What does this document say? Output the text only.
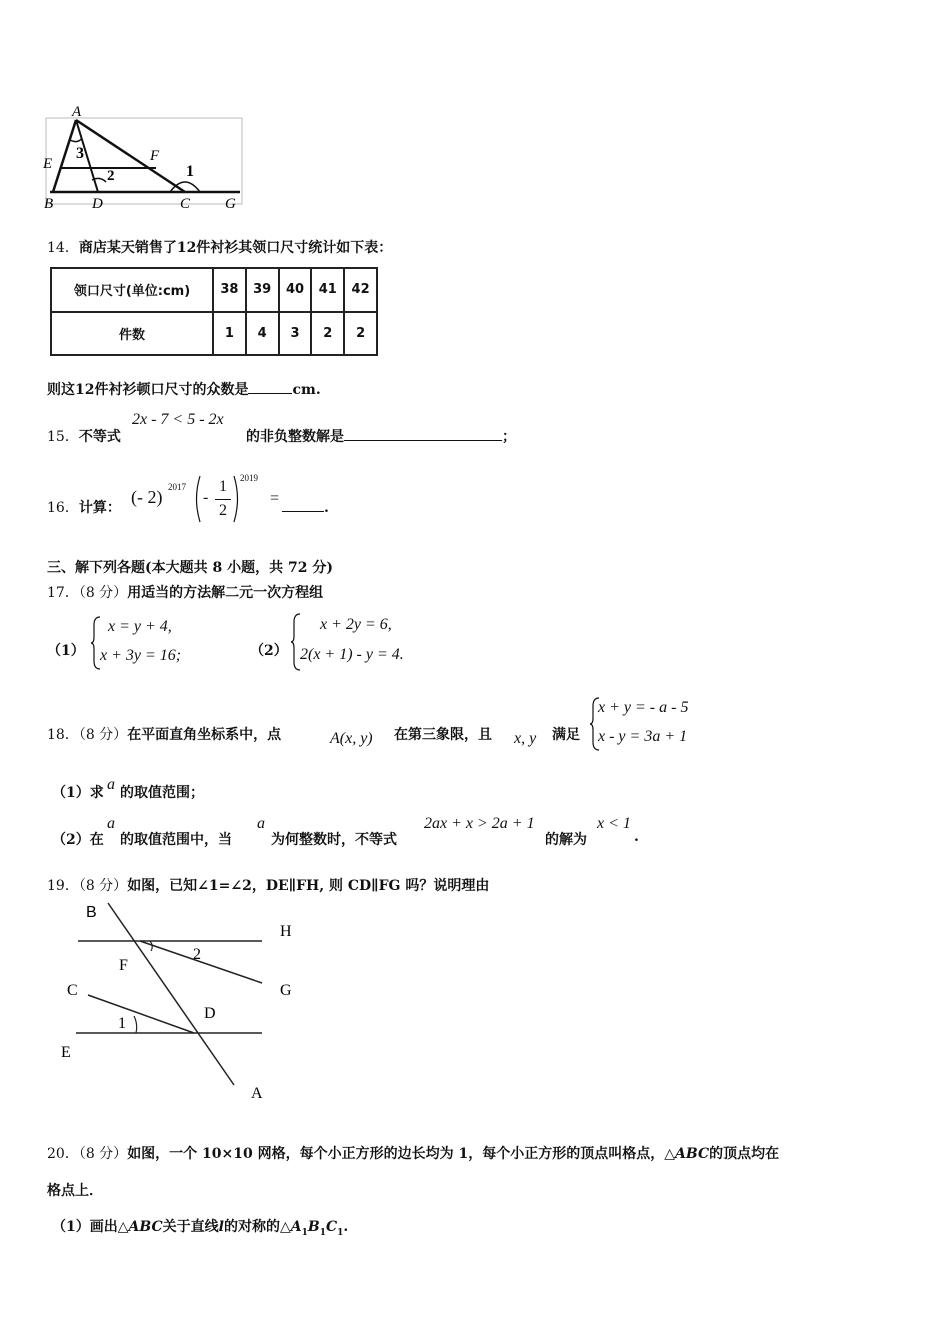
A
E	F
B	D	C G
3
2	1
14．商店某天销售了12件衬衫其领口尺寸统计如下表：
领口尺寸(单位:cm)	38	39	40	41	42
件数	1	4	3	2	2
则这12件衬衫顿口尺寸的众数是	cm.
15．不等式
2x - 7 < 5 - 2x
的非负整数解是	；
16．计算：
(- 2) 2017
-
1
2
2019
=
.
三、解下列各题(本大题共 8 小题，共 72 分)
17．（8 分）用适当的方法解二元一次方程组
（1）
x = y + 4,
x + 3y = 16;	（2）
x + 2y = 6,
2(x + 1) - y = 4.
18．（8 分）在平面直角坐标系中，点	A(x, y) 在第三象限，且 x, y 满足
x + y = - a - 5
x - y = 3a + 1
（1）求 a 的取值范围；
（2）在
a
的取值范围中，当
a
为何整数时，不等式
2ax + x > 2a + 1
的解为
x < 1
.
19．（8 分）如图，已知∠1=∠2，DE∥FH, 则 CD∥FG 吗？说明理由
B
H
2
F
G
C
D
1
E
A
20．（8 分）如图，一个 10×10 网格，每个小正方形的边长均为 1，每个小正方形的顶点叫格点，△ABC的顶点均在
格点上．
（1）画出△ABC关于直线l的对称的$\triangle A_1B_1C_1$.
